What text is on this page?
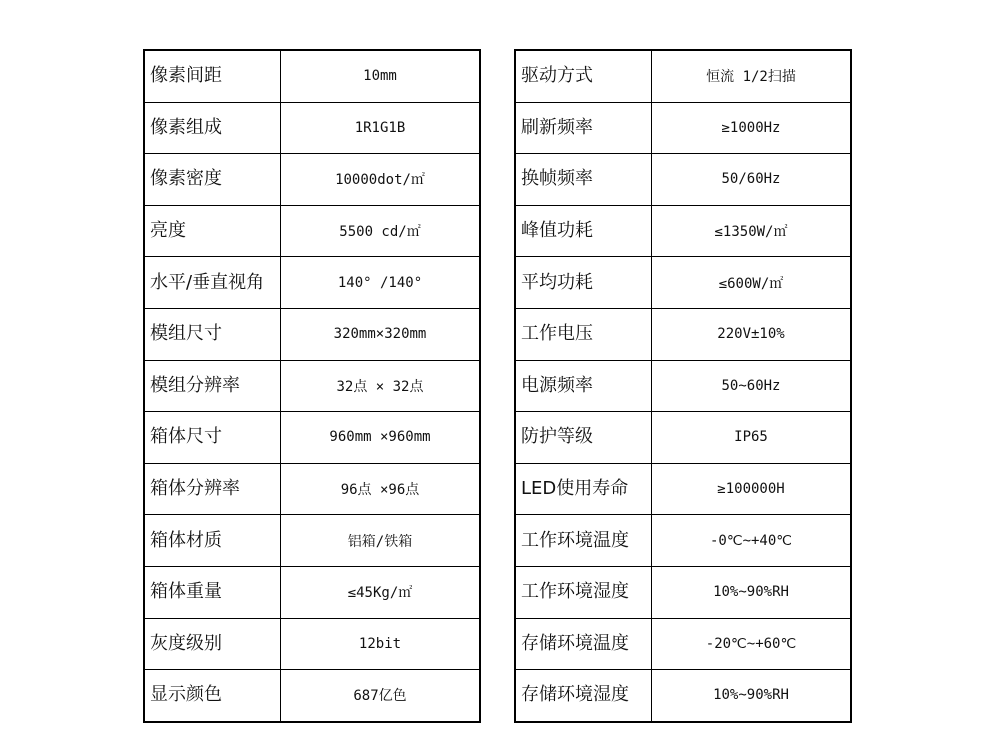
像素间距	10mm
像素组成	1R1G1B
像素密度	10000dot/㎡
亮度	5500 cd/㎡
水平/垂直视角	140° /140°
模组尺寸	320mm×320mm
模组分辨率	32点 × 32点
箱体尺寸	960mm ×960mm
箱体分辨率	96点 ×96点
箱体材质	铝箱/铁箱
箱体重量	≤45Kg/㎡
灰度级别	12bit
显示颜色	687亿色
驱动方式	恒流 1/2扫描
刷新频率	≥1000Hz
换帧频率	50/60Hz
峰值功耗	≤1350W/㎡
平均功耗	≤600W/㎡
工作电压	220V±10%
电源频率	50~60Hz
防护等级	IP65
LED使用寿命	≥100000H
工作环境温度	-0℃~+40℃
工作环境湿度	10%~90%RH
存储环境温度	-20℃~+60℃
存储环境湿度	10%~90%RH
